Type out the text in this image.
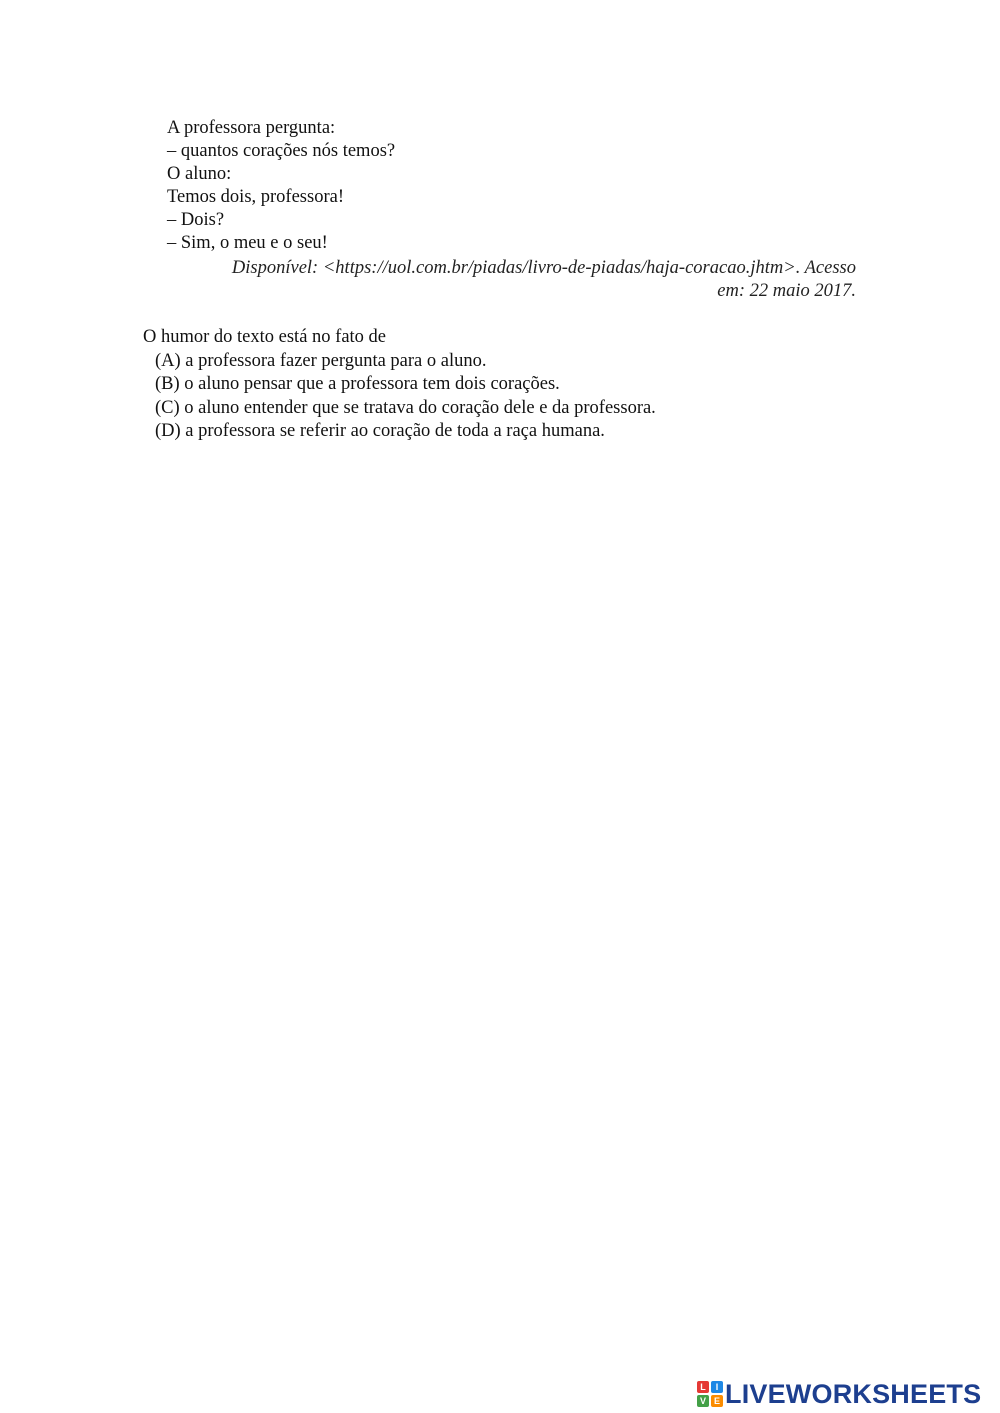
A professora pergunta:
– quantos corações nós temos?
O aluno:
Temos dois, professora!
– Dois?
– Sim, o meu e o seu!
Disponível: <https://uol.com.br/piadas/livro-de-piadas/haja-coracao.jhtm>. Acesso
em: 22 maio 2017.
O humor do texto está no fato de
(A) a professora fazer pergunta para o aluno.
(B) o aluno pensar que a professora tem dois corações.
(C) o aluno entender que se tratava do coração dele e da professora.
(D) a professora se referir ao coração de toda a raça humana.
L	I
V E LIVEWORKSHEETS
